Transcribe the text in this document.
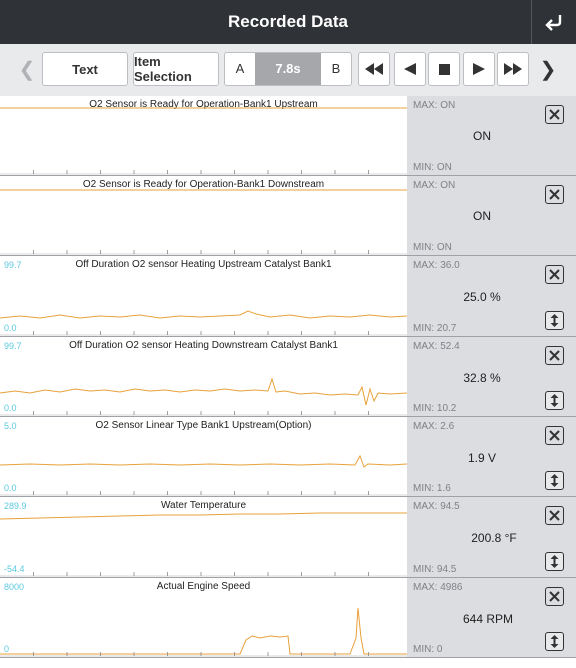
Recorded Data
❮	Text	Item Selection
A	7.8s	B	❯
O2 Sensor is Ready for Operation-Bank1 Upstream	MAX: ON
ON
MIN: ON
O2 Sensor is Ready for Operation-Bank1 Downstream	MAX: ON
ON
MIN: ON
99.7	Off Duration O2 sensor Heating Upstream Catalyst Bank1
0.0
MAX: 36.0
25.0 %
MIN: 20.7
99.7	Off Duration O2 sensor Heating Downstream Catalyst Bank1
0.0
MAX: 52.4
32.8 %
MIN: 10.2
5.0	O2 Sensor Linear Type Bank1 Upstream(Option)
0.0
MAX: 2.6
1.9 V
MIN: 1.6
289.9	Water Temperature
-54.4
MAX: 94.5
200.8 °F
MIN: 94.5
8000	Actual Engine Speed
0
MAX: 4986
644 RPM
MIN: 0
